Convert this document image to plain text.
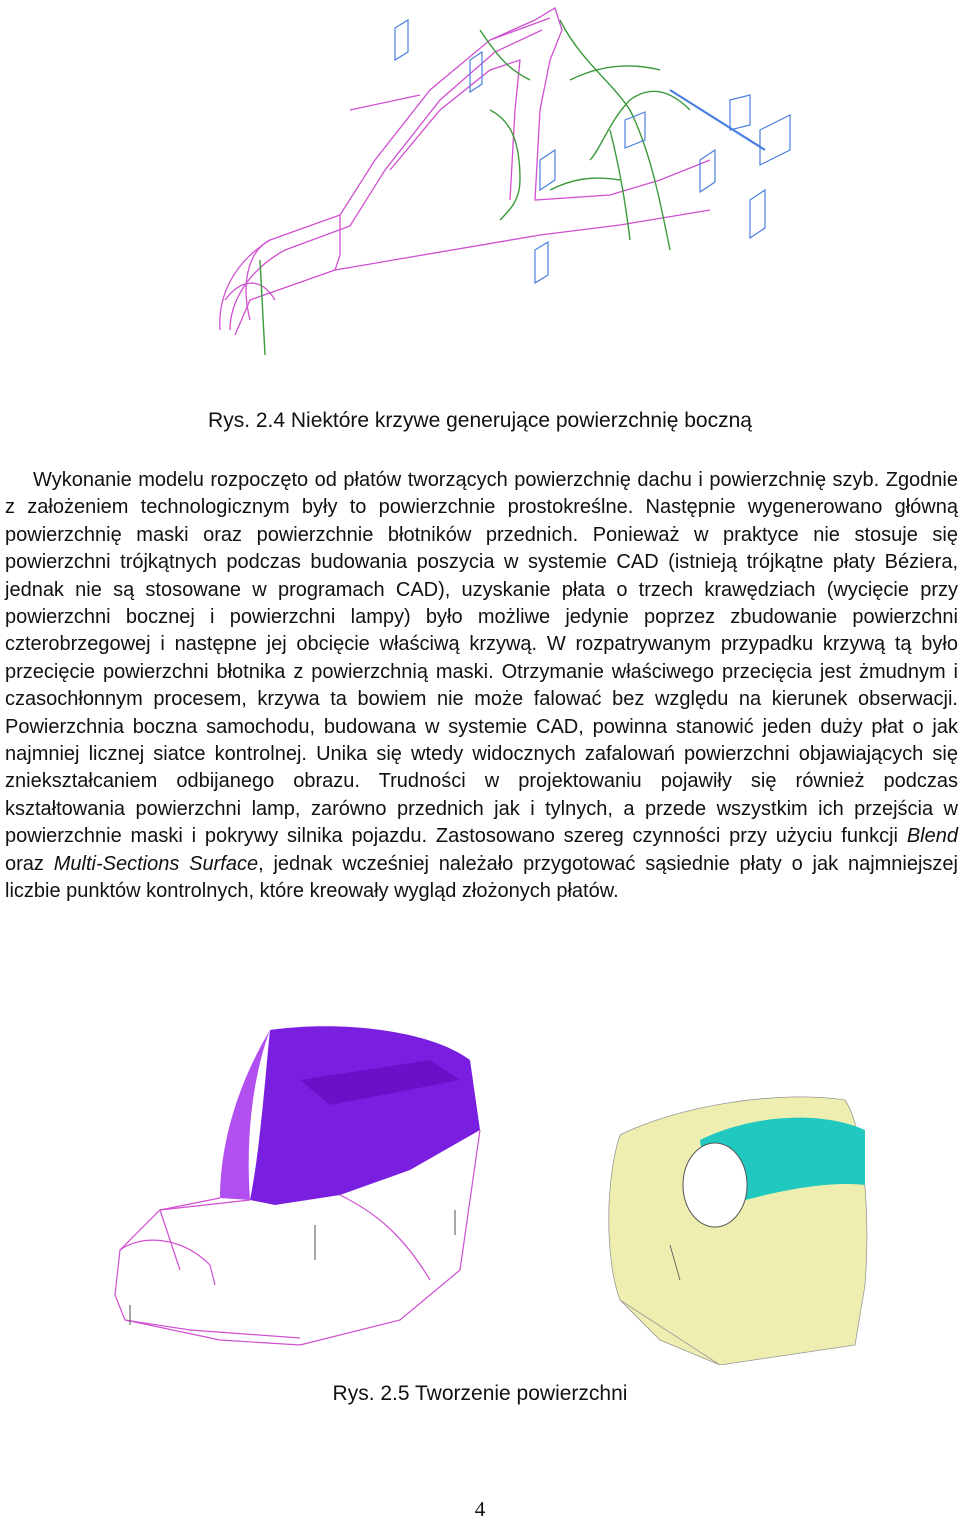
Rys. 2.4 Niektóre krzywe generujące powierzchnię boczną

Wykonanie modelu rozpoczęto od płatów tworzących powierzchnię dachu i powierzchnię szyb. Zgodnie z założeniem technologicznym były to powierzchnie prostokreślne. Następnie wygenerowano główną powierzchnię maski oraz powierzchnie błotników przednich. Ponieważ w praktyce nie stosuje się powierzchni trójkątnych podczas budowania poszycia w systemie CAD (istnieją trójkątne płaty Béziera, jednak nie są stosowane w programach CAD), uzyskanie płata o trzech krawędziach (wycięcie przy powierzchni bocznej i powierzchni lampy) było możliwe jedynie poprzez zbudowanie powierzchni czterobrzegowej i następne jej obcięcie właściwą krzywą. W rozpatrywanym przypadku krzywą tą było przecięcie powierzchni błotnika z powierzchnią maski. Otrzymanie właściwego przecięcia jest żmudnym i czasochłonnym procesem, krzywa ta bowiem nie może falować bez względu na kierunek obserwacji. Powierzchnia boczna samochodu, budowana w systemie CAD, powinna stanowić jeden duży płat o jak najmniej licznej siatce kontrolnej. Unika się wtedy widocznych zafalowań powierzchni objawiających się zniekształcaniem odbijanego obrazu. Trudności w projektowaniu pojawiły się również podczas kształtowania powierzchni lamp, zarówno przednich jak i tylnych, a przede wszystkim ich przejścia w powierzchnie maski i pokrywy silnika pojazdu. Zastosowano szereg czynności przy użyciu funkcji Blend oraz Multi-Sections Surface, jednak wcześniej należało przygotować sąsiednie płaty o jak najmniejszej liczbie punktów kontrolnych, które kreowały wygląd złożonych płatów.

Rys. 2.5 Tworzenie powierzchni
4
